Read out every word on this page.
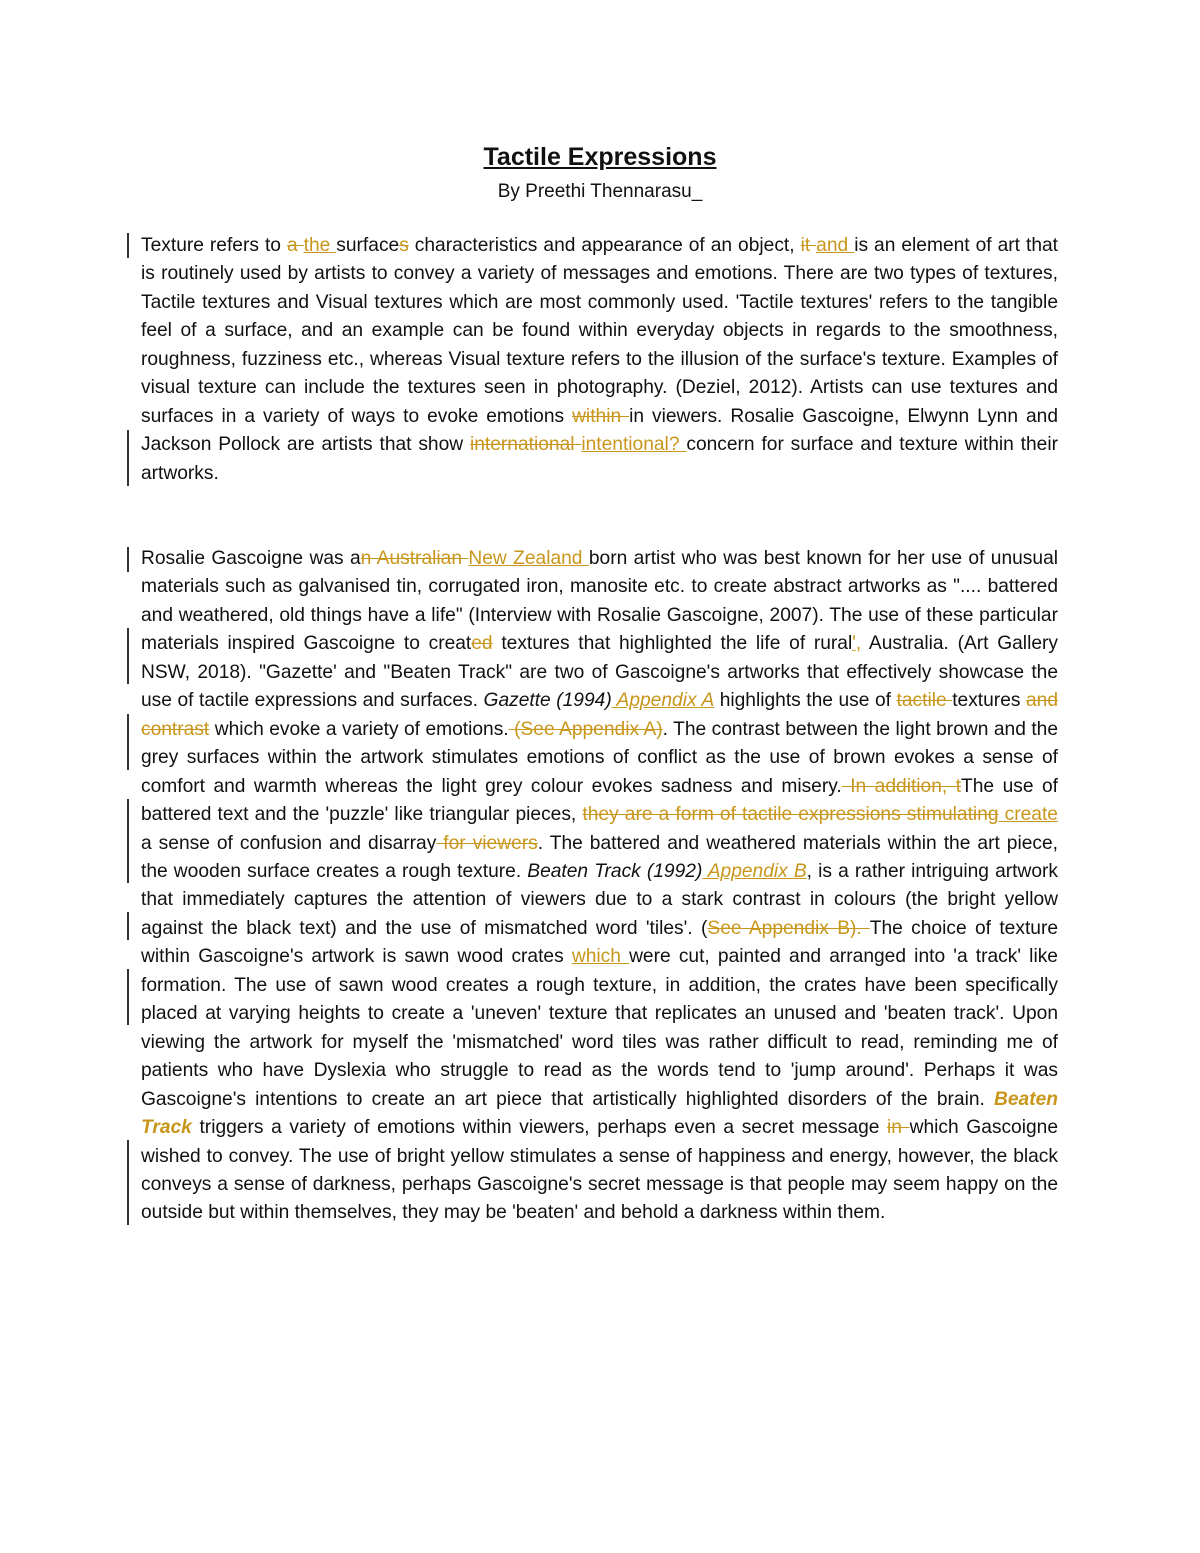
Tactile Expressions
By Preethi Thennarasu_

Texture refers to a the surfaces characteristics and appearance of an object, it and is an element of art that is routinely used by artists to convey a variety of messages and emotions. There are two types of textures, Tactile textures and Visual textures which are most commonly used. 'Tactile textures' refers to the tangible feel of a surface, and an example can be found within everyday objects in regards to the smoothness, roughness, fuzziness etc., whereas Visual texture refers to the illusion of the surface's texture. Examples of visual texture can include the textures seen in photography. (Deziel, 2012). Artists can use textures and surfaces in a variety of ways to evoke emotions within in viewers. Rosalie Gascoigne, Elwynn Lynn and Jackson Pollock are artists that show international intentional? concern for surface and texture within their artworks.

Rosalie Gascoigne was an Australian New Zealand born artist who was best known for her use of unusual materials such as galvanised tin, corrugated iron, manosite etc. to create abstract artworks as ".... battered and weathered, old things have a life" (Interview with Rosalie Gascoigne, 2007). The use of these particular materials inspired Gascoigne to created textures that highlighted the life of rural', Australia. (Art Gallery NSW, 2018). "Gazette' and "Beaten Track" are two of Gascoigne's artworks that effectively showcase the use of tactile expressions and surfaces. Gazette (1994) Appendix A highlights the use of tactile textures and contrast which evoke a variety of emotions. (See Appendix A). The contrast between the light brown and the grey surfaces within the artwork stimulates emotions of conflict as the use of brown evokes a sense of comfort and warmth whereas the light grey colour evokes sadness and misery. In addition, tThe use of battered text and the 'puzzle' like triangular pieces, they are a form of tactile expressions stimulating create a sense of confusion and disarray for viewers. The battered and weathered materials within the art piece, the wooden surface creates a rough texture. Beaten Track (1992) Appendix B, is a rather intriguing artwork that immediately captures the attention of viewers due to a stark contrast in colours (the bright yellow against the black text) and the use of mismatched word 'tiles'. (See Appendix B). The choice of texture within Gascoigne's artwork is sawn wood crates which were cut, painted and arranged into 'a track' like formation. The use of sawn wood creates a rough texture, in addition, the crates have been specifically placed at varying heights to create a 'uneven' texture that replicates an unused and 'beaten track'. Upon viewing the artwork for myself the 'mismatched' word tiles was rather difficult to read, reminding me of patients who have Dyslexia who struggle to read as the words tend to 'jump around'. Perhaps it was Gascoigne's intentions to create an art piece that artistically highlighted disorders of the brain. Beaten Track triggers a variety of emotions within viewers, perhaps even a secret message in which Gascoigne wished to convey. The use of bright yellow stimulates a sense of happiness and energy, however, the black conveys a sense of darkness, perhaps Gascoigne's secret message is that people may seem happy on the outside but within themselves, they may be 'beaten' and behold a darkness within them.
